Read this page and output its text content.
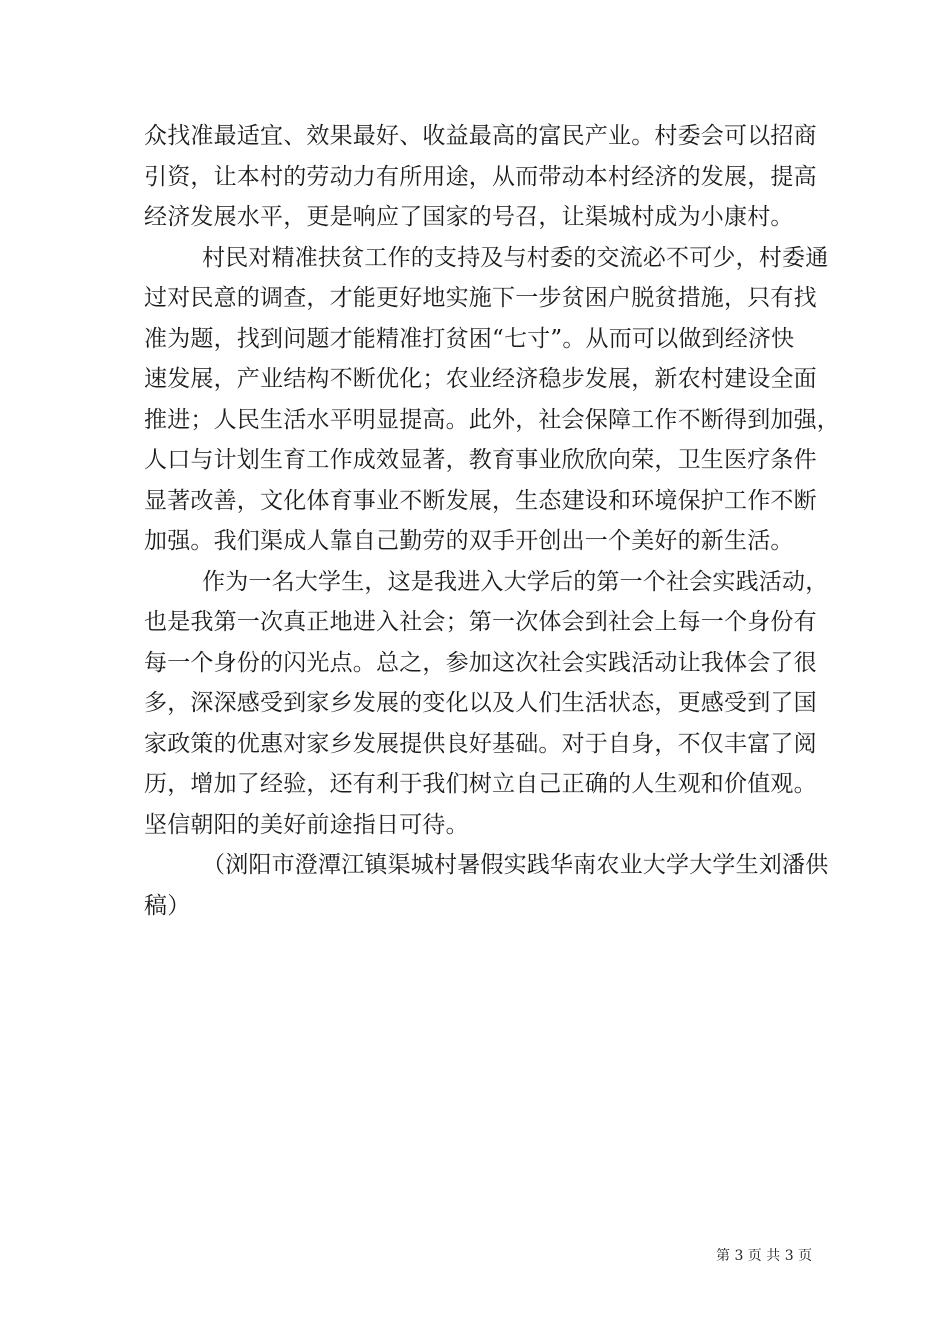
众找准最适宜、效果最好、收益最高的富民产业。村委会可以招商
引资，让本村的劳动力有所用途，从而带动本村经济的发展，提高
经济发展水平，更是响应了国家的号召，让渠城村成为小康村。
村民对精准扶贫工作的支持及与村委的交流必不可少，村委通
过对民意的调查，才能更好地实施下一步贫困户脱贫措施，只有找
准为题，找到问题才能精准打贫困“七寸”。从而可以做到经济快
速发展，产业结构不断优化；农业经济稳步发展，新农村建设全面
推进；人民生活水平明显提高。此外，社会保障工作不断得到加强，
人口与计划生育工作成效显著，教育事业欣欣向荣，卫生医疗条件
显著改善，文化体育事业不断发展，生态建设和环境保护工作不断
加强。我们渠成人靠自己勤劳的双手开创出一个美好的新生活。
作为一名大学生，这是我进入大学后的第一个社会实践活动，
也是我第一次真正地进入社会；第一次体会到社会上每一个身份有
每一个身份的闪光点。总之，参加这次社会实践活动让我体会了很
多，深深感受到家乡发展的变化以及人们生活状态，更感受到了国
家政策的优惠对家乡发展提供良好基础。对于自身，不仅丰富了阅
历，增加了经验，还有利于我们树立自己正确的人生观和价值观。
坚信朝阳的美好前途指日可待。
（浏阳市澄潭江镇渠城村暑假实践华南农业大学大学生刘潘供
稿）
第 3 页 共 3 页
